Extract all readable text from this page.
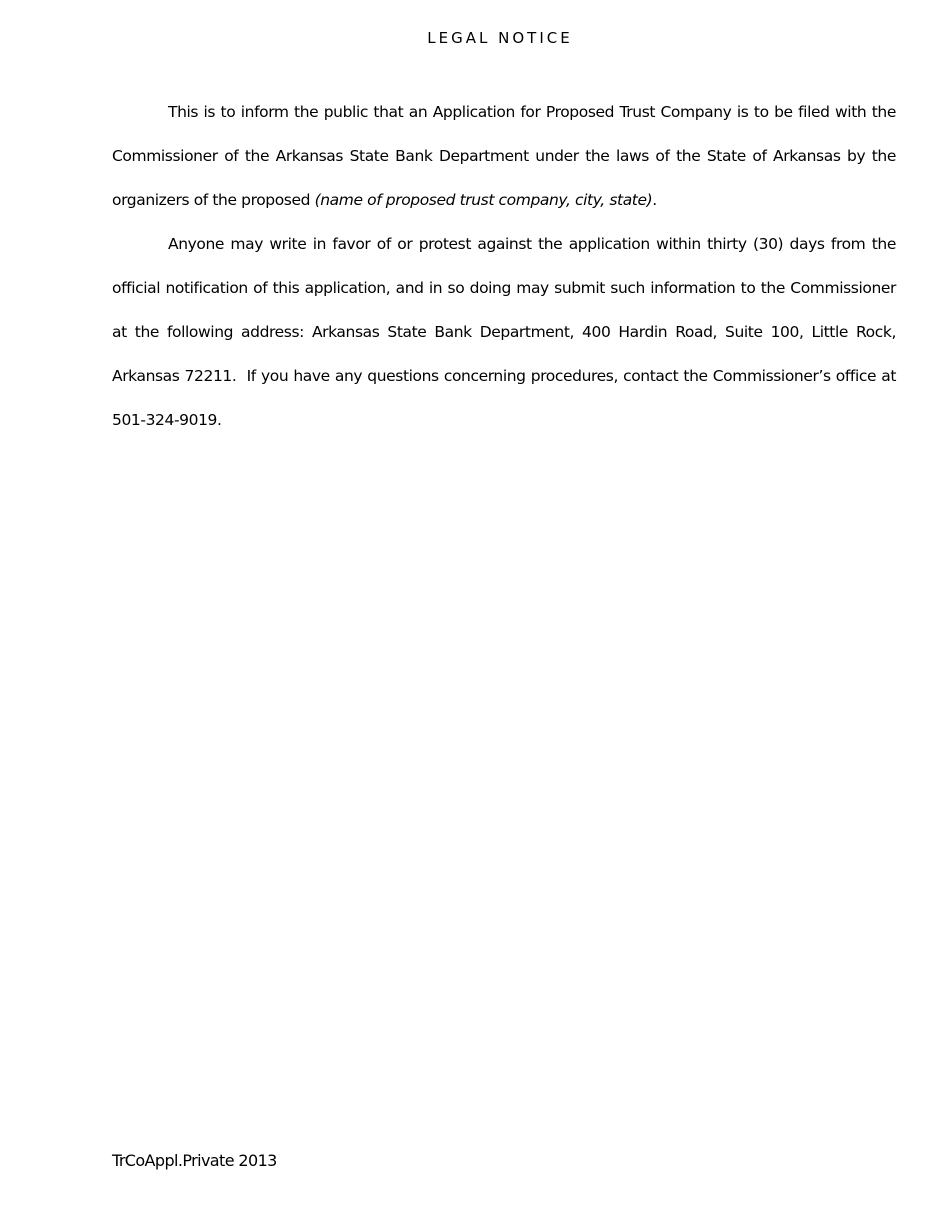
LEGAL NOTICE

This is to inform the public that an Application for Proposed Trust Company is to be filed with the Commissioner of the Arkansas State Bank Department under the laws of the State of Arkansas by the organizers of the proposed (name of proposed trust company, city, state).

Anyone may write in favor of or protest against the application within thirty (30) days from the official notification of this application, and in so doing may submit such information to the Commissioner at the following address: Arkansas State Bank Department, 400 Hardin Road, Suite 100, Little Rock, Arkansas 72211.  If you have any questions concerning procedures, contact the Commissioner’s office at 501-324-9019.

TrCoAppl.Private 2013
